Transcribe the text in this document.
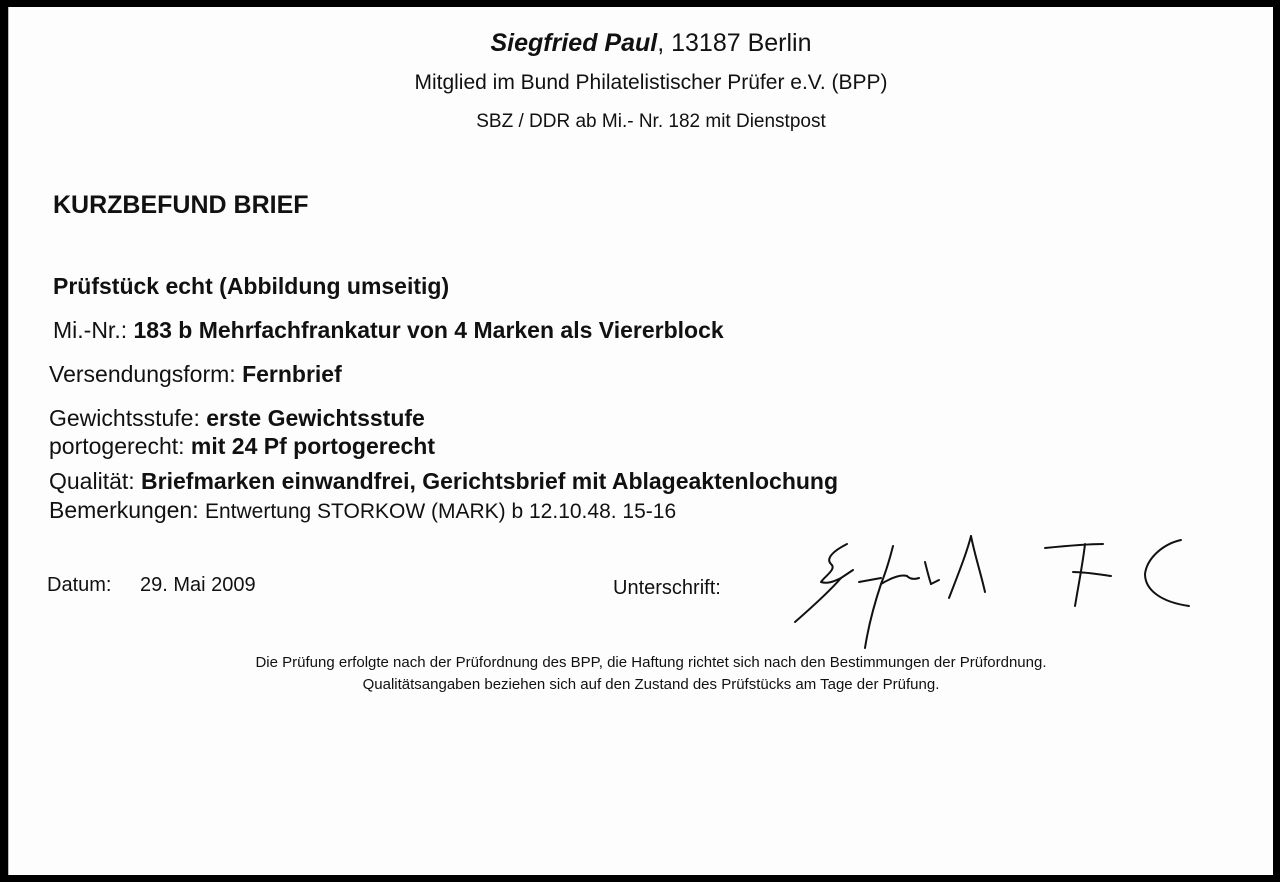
Siegfried Paul, 13187 Berlin
Mitglied im Bund Philatelistischer Prüfer e.V. (BPP)
SBZ / DDR ab Mi.- Nr. 182 mit Dienstpost
KURZBEFUND BRIEF
Prüfstück echt (Abbildung umseitig)
Mi.-Nr.: 183 b Mehrfachfrankatur von 4 Marken als Viererblock
Versendungsform: Fernbrief
Gewichtsstufe: erste Gewichtsstufe
portogerecht: mit 24 Pf portogerecht
Qualität: Briefmarken einwandfrei, Gerichtsbrief mit Ablageaktenlochung
Bemerkungen: Entwertung STORKOW (MARK) b 12.10.48. 15-16
Datum: 29. Mai 2009	Unterschrift:
Die Prüfung erfolgte nach der Prüfordnung des BPP, die Haftung richtet sich nach den Bestimmungen der Prüfordnung.
Qualitätsangaben beziehen sich auf den Zustand des Prüfstücks am Tage der Prüfung.
